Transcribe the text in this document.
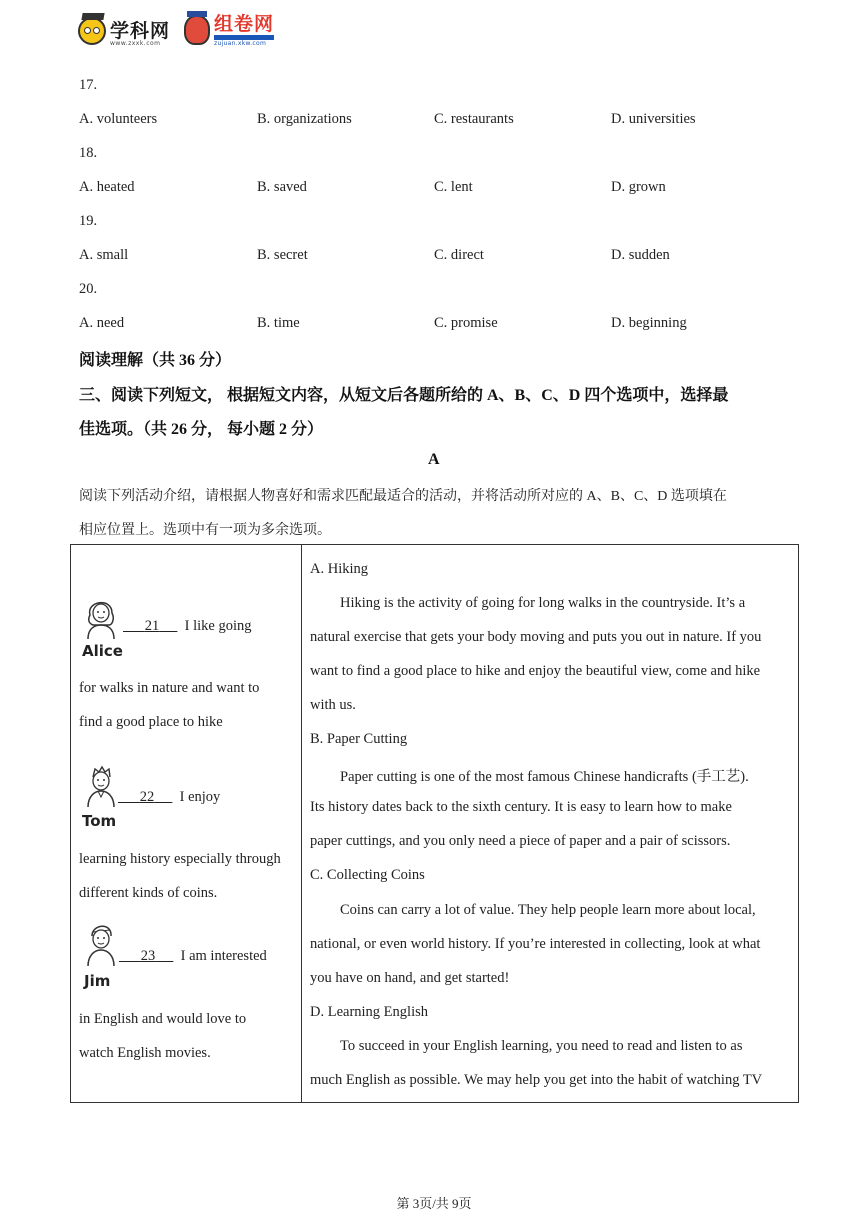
学科网
www.zxxk.com
组卷网
zujuan.xkw.com
17.
A. volunteers	B. organizations	C. restaurants	D. universities
18.
A. heated	B. saved	C. lent	D. grown
19.
A. small	B. secret	C. direct	D. sudden
20.
A. need	B. time	C. promise	D. beginning
阅读理解（共 36 分）
三、阅读下列短文， 根据短文内容，从短文后各题所给的 A、B、C、D 四个选项中，选择最
佳选项。（共 26 分， 每小题 2 分）
A
阅读下列活动介绍，请根据人物喜好和需求匹配最适合的活动，并将活动所对应的 A、B、C、D 选项填在
相应位置上。选项中有一项为多余选项。
Alice
21 I like going
for walks in nature and want to
find a good place to hike
Tom
22 I enjoy
learning history especially through
different kinds of coins.
Jim
23 I am interested
in English and would love to
watch English movies.
A. Hiking
Hiking is the activity of going for long walks in the countryside. It’s a
natural exercise that gets your body moving and puts you out in nature. If you
want to find a good place to hike and enjoy the beautiful view, come and hike
with us.
B. Paper Cutting
Paper cutting is one of the most famous Chinese handicrafts (手工艺).
Its history dates back to the sixth century. It is easy to learn how to make
paper cuttings, and you only need a piece of paper and a pair of scissors.
C. Collecting Coins
Coins can carry a lot of value. They help people learn more about local,
national, or even world history. If you’re interested in collecting, look at what
you have on hand, and get started!
D. Learning English
To succeed in your English learning, you need to read and listen to as
much English as possible. We may help you get into the habit of watching TV
第 3页/共 9页
